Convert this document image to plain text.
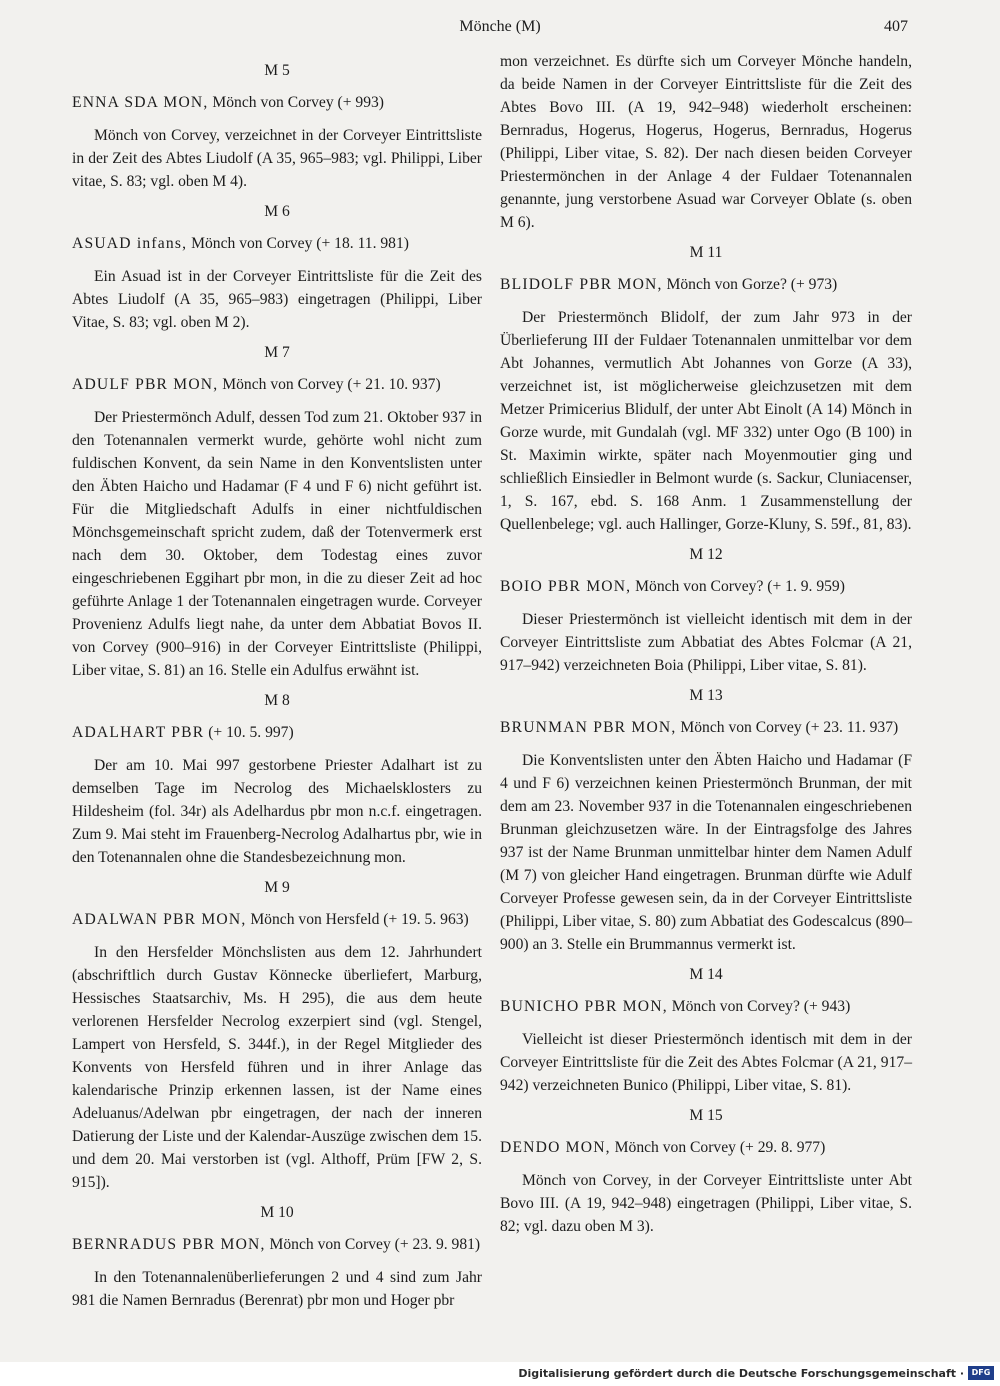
Mönche (M)	407
M 5
ENNA SDA MON, Mönch von Corvey (+ 993)

Mönch von Corvey, verzeichnet in der Corveyer Eintrittsliste in der Zeit des Abtes Liudolf (A 35, 965–983; vgl. Philippi, Liber vitae, S. 83; vgl. oben M 4).

M 6
ASUAD infans, Mönch von Corvey (+ 18. 11. 981)

Ein Asuad ist in der Corveyer Eintrittsliste für die Zeit des Abtes Liudolf (A 35, 965–983) eingetragen (Philippi, Liber Vitae, S. 83; vgl. oben M 2).

M 7
ADULF PBR MON, Mönch von Corvey (+ 21. 10. 937)

Der Priestermönch Adulf, dessen Tod zum 21. Oktober 937 in den Totenannalen vermerkt wurde, gehörte wohl nicht zum fuldischen Konvent, da sein Name in den Konventslisten unter den Äbten Haicho und Hadamar (F 4 und F 6) nicht geführt ist. Für die Mitgliedschaft Adulfs in einer nichtfuldischen Mönchsgemeinschaft spricht zudem, daß der Totenvermerk erst nach dem 30. Oktober, dem Todestag eines zuvor eingeschriebenen Eggihart pbr mon, in die zu dieser Zeit ad hoc geführte Anlage 1 der Totenannalen eingetragen wurde. Corveyer Provenienz Adulfs liegt nahe, da unter dem Abbatiat Bovos II. von Corvey (900–916) in der Corveyer Eintrittsliste (Philippi, Liber vitae, S. 81) an 16. Stelle ein Adulfus erwähnt ist.

M 8
ADALHART PBR (+ 10. 5. 997)

Der am 10. Mai 997 gestorbene Priester Adalhart ist zu demselben Tage im Necrolog des Michaelsklosters zu Hildesheim (fol. 34r) als Adelhardus pbr mon n.c.f. eingetragen. Zum 9. Mai steht im Frauenberg-Necrolog Adalhartus pbr, wie in den Totenannalen ohne die Standesbezeichnung mon.

M 9
ADALWAN PBR MON, Mönch von Hersfeld (+ 19. 5. 963)

In den Hersfelder Mönchslisten aus dem 12. Jahrhundert (abschriftlich durch Gustav Könnecke überliefert, Marburg, Hessisches Staatsarchiv, Ms. H 295), die aus dem heute verlorenen Hersfelder Necrolog exzerpiert sind (vgl. Stengel, Lampert von Hersfeld, S. 344f.), in der Regel Mitglieder des Konvents von Hersfeld führen und in ihrer Anlage das kalendarische Prinzip erkennen lassen, ist der Name eines Adeluanus/Adelwan pbr eingetragen, der nach der inneren Datierung der Liste und der Kalendar-Auszüge zwischen dem 15. und dem 20. Mai verstorben ist (vgl. Althoff, Prüm [FW 2, S. 915]).

M 10
BERNRADUS PBR MON, Mönch von Corvey (+ 23. 9. 981)

In den Totenannalenüberlieferungen 2 und 4 sind zum Jahr 981 die Namen Bernradus (Berenrat) pbr mon und Hoger pbr

mon verzeichnet. Es dürfte sich um Corveyer Mönche handeln, da beide Namen in der Corveyer Eintrittsliste für die Zeit des Abtes Bovo III. (A 19, 942–948) wiederholt erscheinen: Bernradus, Hogerus, Hogerus, Hogerus, Bernradus, Hogerus (Philippi, Liber vitae, S. 82). Der nach diesen beiden Corveyer Priestermönchen in der Anlage 4 der Fuldaer Totenannalen genannte, jung verstorbene Asuad war Corveyer Oblate (s. oben M 6).

M 11
BLIDOLF PBR MON, Mönch von Gorze? (+ 973)

Der Priestermönch Blidolf, der zum Jahr 973 in der Überlieferung III der Fuldaer Totenannalen unmittelbar vor dem Abt Johannes, vermutlich Abt Johannes von Gorze (A 33), verzeichnet ist, ist möglicherweise gleichzusetzen mit dem Metzer Primicerius Blidulf, der unter Abt Einolt (A 14) Mönch in Gorze wurde, mit Gundalah (vgl. MF 332) unter Ogo (B 100) in St. Maximin wirkte, später nach Moyenmoutier ging und schließlich Einsiedler in Belmont wurde (s. Sackur, Cluniacenser, 1, S. 167, ebd. S. 168 Anm. 1 Zusammenstellung der Quellenbelege; vgl. auch Hallinger, Gorze-Kluny, S. 59f., 81, 83).

M 12
BOIO PBR MON, Mönch von Corvey? (+ 1. 9. 959)

Dieser Priestermönch ist vielleicht identisch mit dem in der Corveyer Eintrittsliste zum Abbatiat des Abtes Folcmar (A 21, 917–942) verzeichneten Boia (Philippi, Liber vitae, S. 81).

M 13
BRUNMAN PBR MON, Mönch von Corvey (+ 23. 11. 937)

Die Konventslisten unter den Äbten Haicho und Hadamar (F 4 und F 6) verzeichnen keinen Priestermönch Brunman, der mit dem am 23. November 937 in die Totenannalen eingeschriebenen Brunman gleichzusetzen wäre. In der Eintragsfolge des Jahres 937 ist der Name Brunman unmittelbar hinter dem Namen Adulf (M 7) von gleicher Hand eingetragen. Brunman dürfte wie Adulf Corveyer Professe gewesen sein, da in der Corveyer Eintrittsliste (Philippi, Liber vitae, S. 80) zum Abbatiat des Godescalcus (890–900) an 3. Stelle ein Brummannus vermerkt ist.

M 14
BUNICHO PBR MON, Mönch von Corvey? (+ 943)

Vielleicht ist dieser Priestermönch identisch mit dem in der Corveyer Eintrittsliste für die Zeit des Abtes Folcmar (A 21, 917–942) verzeichneten Bunico (Philippi, Liber vitae, S. 81).

M 15
DENDO MON, Mönch von Corvey (+ 29. 8. 977)

Mönch von Corvey, in der Corveyer Eintrittsliste unter Abt Bovo III. (A 19, 942–948) eingetragen (Philippi, Liber vitae, S. 82; vgl. dazu oben M 3).

Digitalisierung gefördert durch die Deutsche Forschungsgemeinschaft · DFG
